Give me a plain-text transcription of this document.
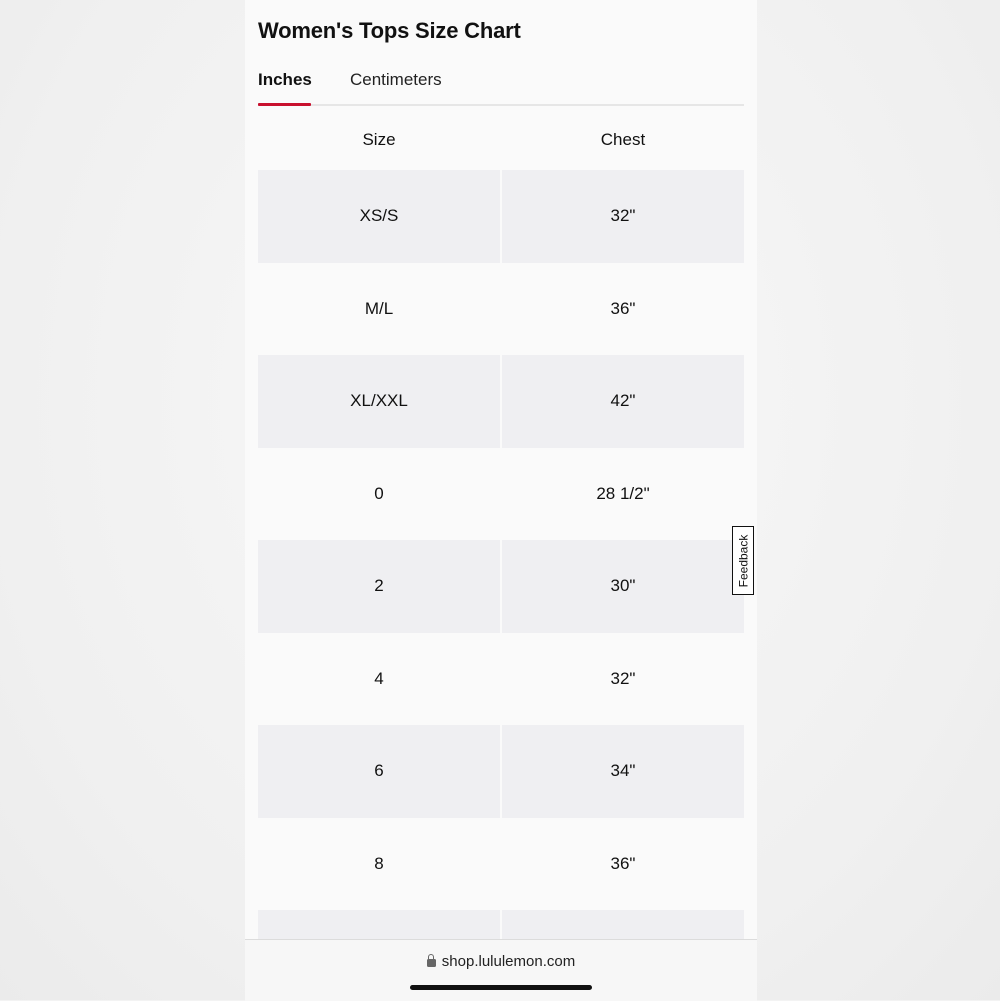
Women's Tops Size Chart
Inches Centimeters
Size	Chest
XS/S	32"
M/L	36"
XL/XXL	42"
0	28 1/2"
2	30"
4	32"
6	34"
8	36"
Feedback
shop.lululemon.com
